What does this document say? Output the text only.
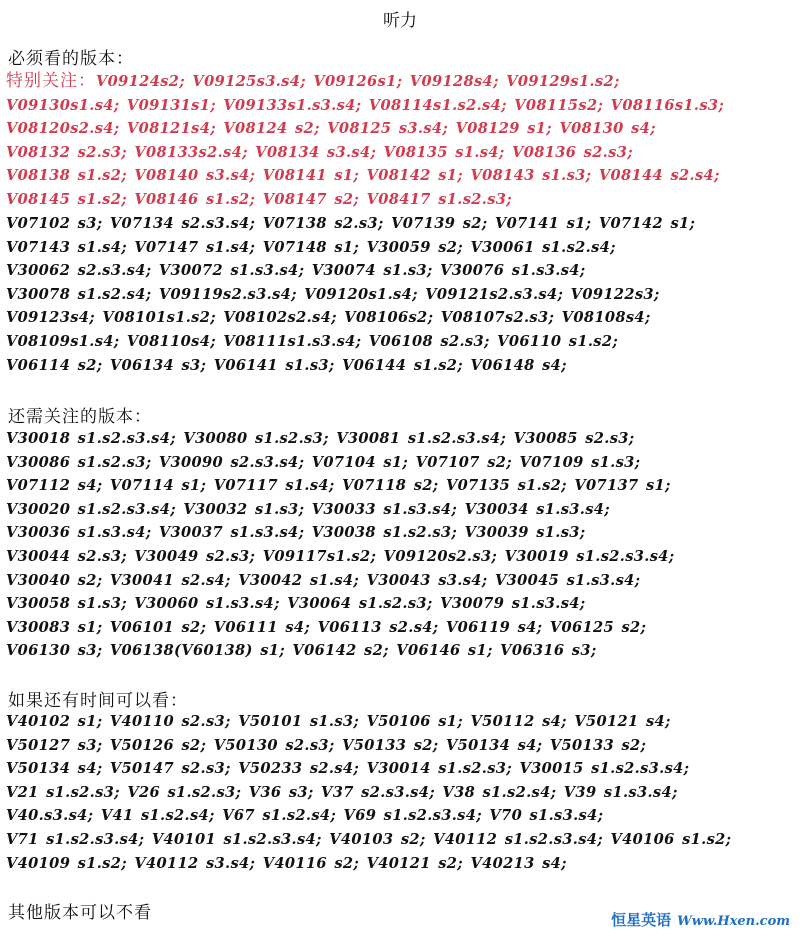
听力
必须看的版本：
特别关注：V09124s2; V09125s3.s4; V09126s1; V09128s4; V09129s1.s2;
V09130s1.s4; V09131s1; V09133s1.s3.s4; V08114s1.s2.s4; V08115s2; V08116s1.s3;
V08120s2.s4; V08121s4; V08124 s2; V08125 s3.s4; V08129 s1; V08130 s4;
V08132 s2.s3; V08133s2.s4; V08134 s3.s4; V08135 s1.s4; V08136 s2.s3;
V08138 s1.s2; V08140 s3.s4; V08141 s1; V08142 s1; V08143 s1.s3; V08144 s2.s4;
V08145 s1.s2; V08146 s1.s2; V08147 s2; V08417 s1.s2.s3;
V07102 s3; V07134 s2.s3.s4; V07138 s2.s3; V07139 s2; V07141 s1; V07142 s1;
V07143 s1.s4; V07147 s1.s4; V07148 s1; V30059 s2; V30061 s1.s2.s4;
V30062 s2.s3.s4; V30072 s1.s3.s4; V30074 s1.s3; V30076 s1.s3.s4;
V30078 s1.s2.s4; V09119s2.s3.s4; V09120s1.s4; V09121s2.s3.s4; V09122s3;
V09123s4; V08101s1.s2; V08102s2.s4; V08106s2; V08107s2.s3; V08108s4;
V08109s1.s4; V08110s4; V08111s1.s3.s4; V06108 s2.s3; V06110 s1.s2;
V06114 s2; V06134 s3; V06141 s1.s3; V06144 s1.s2; V06148 s4;
还需关注的版本：
V30018 s1.s2.s3.s4; V30080 s1.s2.s3; V30081 s1.s2.s3.s4; V30085 s2.s3;
V30086 s1.s2.s3; V30090 s2.s3.s4; V07104 s1; V07107 s2; V07109 s1.s3;
V07112 s4; V07114 s1; V07117 s1.s4; V07118 s2; V07135 s1.s2; V07137 s1;
V30020 s1.s2.s3.s4; V30032 s1.s3; V30033 s1.s3.s4; V30034 s1.s3.s4;
V30036 s1.s3.s4; V30037 s1.s3.s4; V30038 s1.s2.s3; V30039 s1.s3;
V30044 s2.s3; V30049 s2.s3; V09117s1.s2; V09120s2.s3; V30019 s1.s2.s3.s4;
V30040 s2; V30041 s2.s4; V30042 s1.s4; V30043 s3.s4; V30045 s1.s3.s4;
V30058 s1.s3; V30060 s1.s3.s4; V30064 s1.s2.s3; V30079 s1.s3.s4;
V30083 s1; V06101 s2; V06111 s4; V06113 s2.s4; V06119 s4; V06125 s2;
V06130 s3; V06138(V60138) s1; V06142 s2; V06146 s1; V06316 s3;
如果还有时间可以看：
V40102 s1; V40110 s2.s3; V50101 s1.s3; V50106 s1; V50112 s4; V50121 s4;
V50127 s3; V50126 s2; V50130 s2.s3; V50133 s2; V50134 s4; V50133 s2;
V50134 s4; V50147 s2.s3; V50233 s2.s4; V30014 s1.s2.s3; V30015 s1.s2.s3.s4;
V21 s1.s2.s3; V26 s1.s2.s3; V36 s3; V37 s2.s3.s4; V38 s1.s2.s4; V39 s1.s3.s4;
V40.s3.s4; V41 s1.s2.s4; V67 s1.s2.s4; V69 s1.s2.s3.s4; V70 s1.s3.s4;
V71 s1.s2.s3.s4; V40101 s1.s2.s3.s4; V40103 s2; V40112 s1.s2.s3.s4; V40106 s1.s2;
V40109 s1.s2; V40112 s3.s4; V40116 s2; V40121 s2; V40213 s4;
其他版本可以不看	恒星英语 Www.Hxen.com
